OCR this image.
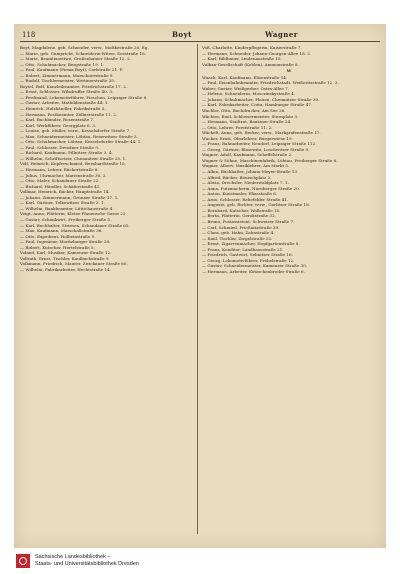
118	Boyt	Wagner

Boyt, Magdalene, geb. Schneider, verw., Moltkestraße 20. Eg.

— Marie, geb. Gumpricht, Schneiderin-Witwe, Seestraße 16.

— Marie, Beamtenwitwe, Großenhainer Straße 12. 2.

— Otto, Schuhmacher, Bergstraße 19. 1.

— Paul, Kaufmann (Firma Boyt), Carlstraße 21. P.

— Robert, Zimmermann, Marschnerstraße 9.

— Rudolf, Tischlermeister, Wettinerstraße 35.

Boytel, Rolf, Kanzleibeamter, Friedrichstraße 17. 2.

— Ernst, Schlosser, Wilsdruffer Straße 40. 3.

— Ferdinand, Lokomotivführer, Pieschen, Leipziger Straße 8.

— Gustav, Arbeiter, Mathildenstraße 44. 1.

— Heinrich, Holzhändler, Fabrikstraße 5.

— Hermann, Postbeamter, Zöllnerstraße 11. 2.

— Karl, Buchbinder, Rosenstraße 7.

— Karl, Werkführer, Georgplatz 6. 3.

— Louise, geb. Müller, verw., Kesselsdorfer Straße 7.

— Max, Schneidermeister, Löbtau, Reisewitzer Straße 5.

— Otto, Schuhmacher, Löbtau, Kesselsdorfer Straße 44. 1.

— Paul, Schlosser, Dresdner Straße 9.

— Richard, Kaufmann, Pillnitzer Straße 3. 4.

— Wilhelm, Schriftsetzer, Chemnitzer Straße 25. 1.

Volf, Heinrich, Kupferschmied, Bernhardstraße 10.

— Hermann, Lehrer, Rückertstraße 8.

— Julius, Uhrmacher, Marienstraße 30. 2.

— Otto, Maler, Schandauer Straße 22.

— Richard, Händler, Schäferstraße 41.

Vollmar, Heinrich, Bäcker, Hauptstraße 14.

— Johann, Zimmermann, Grünaer Straße 17. 1.

— Karl, Gärtner, Tolkewitzer Straße 3. 1.

— Wilhelm, Bankbeamter, Lüttichaustraße 4.

Voigt, Anna, Plätterin, Kleine Plauensche Gasse 22.

— Gustav, Schankwirt, Freiberger Straße 5.

— Karl, Buchhalter, Striesen, Schandauer Straße 65.

— Max, Kaufmann, Marschallstraße 36.

— Otto, Expedient, Holbeinstraße 9.

— Paul, Ingenieur, Moritzburger Straße 28.

— Robert, Kutscher, Hertelstraße 5.

Voland, Karl, Musiker, Kamenzer Straße 12.

Vollrath, Ernst, Tischler, Kaulbachstraße 9.

Volkmann, Friedrich, Maurer, Zwickauer Straße 60.

— Wilhelm, Fabrikarbeiter, Hechtstraße 14.

Voß, Charlotte, Kinderpflegerin, Kaiserstraße 7.

— Hermann, Schneider, Johann-Georgen-Allee 18. 2.

— Karl, Bildhauer, Lindenaustraße 10.

Vulkan-Gesellschaft (Kohlen), Ammonstraße 8.

W

Waack, Karl, Kaufmann, Elisenstraße 14.

— Paul, Eisenbahnbeamter, Friedrichstadt, Weißeritzstraße 12. 3.

Waber, Gustav, Weißgerber, Ostra-Allee 7.

— Helene, Schneiderin, Mosczinskystraße 4.

— Johann, Schuhmacher, Plauen, Chemnitzer Straße 30.

— Karl, Fabrikarbeiter, Cotta, Hamburger Straße 47.

Wachler, Otto, Buchdrucker, Am See 26.

Wächter, Emil, Schlossermeister, Sternplatz 3.

— Hermann, Stadtrat, Bautzner Straße 24.

— Otto, Lehrer, Forststraße 11. 2.

Wäckelt, Anna, geb. Becker, verw., Markgrafenstraße 17.

Wacker, Ernst, Oberlehrer, Bürgerwiese 19.

— Franz, Bahnarbeiter, Neudorf, Leipziger Straße 112.

— Georg, Gärtner, Blasewitz, Loschwitzer Straße 9.

Wagner, Adolf, Kaufmann, Scheffelstraße 2.

Wagner & Söhne, Maschinenfabrik, Löbtau, Freiberger Straße 8.

Wagner, Albert, Musiklehrer, Am Markt 5.

— Albin, Buchhalter, Johann-Meyer-Straße 13.

— Alfred, Bäcker, Bönischplatz 3.

— Alwin, Drechsler, Niederwaldplatz 7. 1.

— Anna, Putzmacherin, Nürnberger Straße 20.

— Anton, Kunstmaler, Eliasstraße 6.

— Arno, Schlosser, Rehefelder Straße 41.

— Auguste, geb. Richter, verw., Görlitzer Straße 18.

— Bernhard, Kutscher, Wallstraße 15.

— Berta, Plätterin, Gerokstraße 32.

— Bruno, Postassistent, Schweizer Straße 7.

— Carl, Schmied, Prießnitzstraße 39.

— Clara, geb. Hahn, Zahnstraße 4.

— Emil, Tischler, Ziegelstraße 53.

— Ernst, Zigarrenmacher, Hopfgartenstraße 8.

— Franz, Konditor, Landhausstraße 21.

— Friedrich, Gastwirt, Sebnitzer Straße 16.

— Georg, Lokomotivführer, Fröbelstraße 12.

— Gustav, Schneidermeister, Kamenzer Straße 30.

— Hermann, Arbeiter, Kötzschenbroder Straße 6.

Sächsische Landesbibliothek –
Staats- und Universitätsbibliothek Dresden
